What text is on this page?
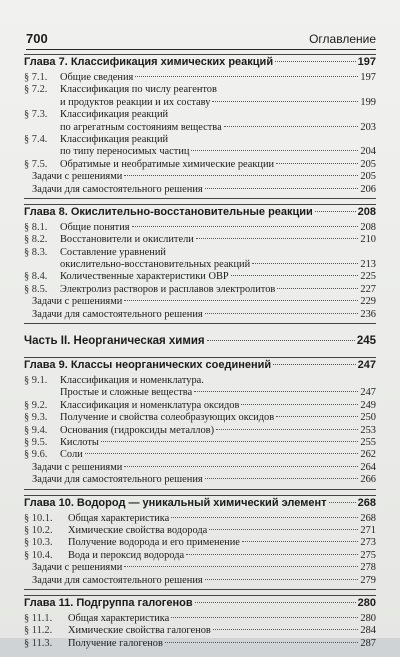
700	Оглавление
Глава 7. Классификация химических реакций	197
§ 7.1.	Общие сведения	197
§ 7.2.	Классификация по числу реагентов
и продуктов реакции и их составу	199
§ 7.3.	Классификация реакций
по агрегатным состояниям вещества	203
§ 7.4.	Классификация реакций
по типу переносимых частиц	204
§ 7.5.	Обратимые и необратимые химические реакции	205
Задачи с решениями	205
Задачи для самостоятельного решения	206
Глава 8. Окислительно-восстановительные реакции	208
§ 8.1.	Общие понятия	208
§ 8.2.	Восстановители и окислители	210
§ 8.3.	Составление уравнений
окислительно-восстановительных реакций	213
§ 8.4.	Количественные характеристики ОВР	225
§ 8.5.	Электролиз растворов и расплавов электролитов	227
Задачи с решениями	229
Задачи для самостоятельного решения	236
Часть II. Неорганическая химия	245
Глава 9. Классы неорганических соединений	247
§ 9.1.	Классификация и номенклатура.
Простые и сложные вещества	247
§ 9.2.	Классификация и номенклатура оксидов	249
§ 9.3.	Получение и свойства солеобразующих оксидов	250
§ 9.4.	Основания (гидроксиды металлов)	253
§ 9.5.	Кислоты	255
§ 9.6.	Соли	262
Задачи с решениями	264
Задачи для самостоятельного решения	266
Глава 10. Водород — уникальный химический элемент	268
§ 10.1.	Общая характеристика	268
§ 10.2.	Химические свойства водорода	271
§ 10.3.	Получение водорода и его применение	273
§ 10.4.	Вода и пероксид водорода	275
Задачи с решениями	278
Задачи для самостоятельного решения	279
Глава 11. Подгруппа галогенов	280
§ 11.1.	Общая характеристика	280
§ 11.2.	Химические свойства галогенов	284
§ 11.3.	Получение галогенов	287
